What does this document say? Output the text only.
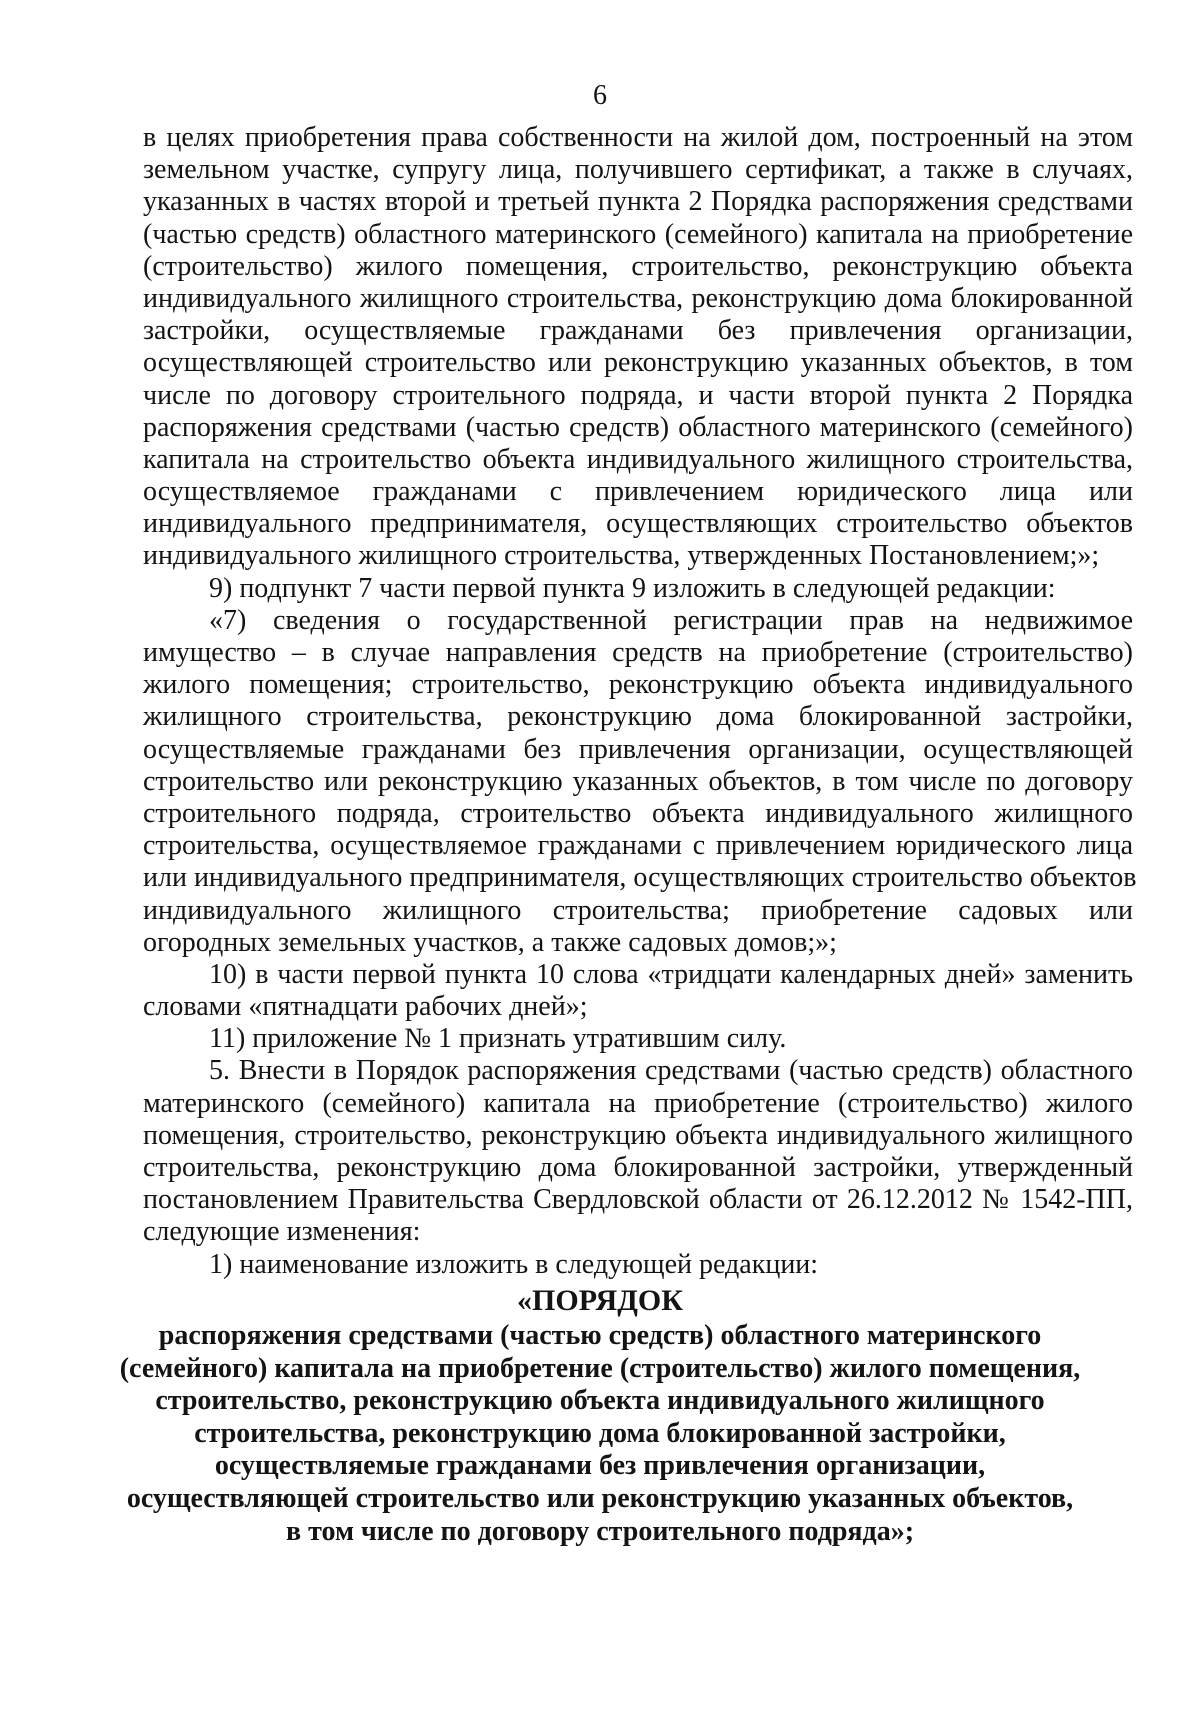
6
в целях приобретения права собственности на жилой дом, построенный на этом
земельном участке, супругу лица, получившего сертификат, а также в случаях,
указанных в частях второй и третьей пункта 2 Порядка распоряжения средствами
(частью средств) областного материнского (семейного) капитала на приобретение
(строительство) жилого помещения, строительство, реконструкцию объекта
индивидуального жилищного строительства, реконструкцию дома блокированной
застройки, осуществляемые гражданами без привлечения организации,
осуществляющей строительство или реконструкцию указанных объектов, в том
числе по договору строительного подряда, и части второй пункта 2 Порядка
распоряжения средствами (частью средств) областного материнского (семейного)
капитала на строительство объекта индивидуального жилищного строительства,
осуществляемое гражданами с привлечением юридического лица или
индивидуального предпринимателя, осуществляющих строительство объектов
индивидуального жилищного строительства, утвержденных Постановлением;»;
9) подпункт 7 части первой пункта 9 изложить в следующей редакции:
«7) сведения о государственной регистрации прав на недвижимое
имущество – в случае направления средств на приобретение (строительство)
жилого помещения; строительство, реконструкцию объекта индивидуального
жилищного строительства, реконструкцию дома блокированной застройки,
осуществляемые гражданами без привлечения организации, осуществляющей
строительство или реконструкцию указанных объектов, в том числе по договору
строительного подряда, строительство объекта индивидуального жилищного
строительства, осуществляемое гражданами с привлечением юридического лица
или индивидуального предпринимателя, осуществляющих строительство объектов
индивидуального жилищного строительства; приобретение садовых или
огородных земельных участков, а также садовых домов;»;
10) в части первой пункта 10 слова «тридцати календарных дней» заменить
словами «пятнадцати рабочих дней»;
11) приложение № 1 признать утратившим силу.
5. Внести в Порядок распоряжения средствами (частью средств) областного
материнского (семейного) капитала на приобретение (строительство) жилого
помещения, строительство, реконструкцию объекта индивидуального жилищного
строительства, реконструкцию дома блокированной застройки, утвержденный
постановлением Правительства Свердловской области от 26.12.2012 № 1542-ПП,
следующие изменения:
1) наименование изложить в следующей редакции:
«ПОРЯДОК
распоряжения средствами (частью средств) областного материнского
(семейного) капитала на приобретение (строительство) жилого помещения,
строительство, реконструкцию объекта индивидуального жилищного
строительства, реконструкцию дома блокированной застройки,
осуществляемые гражданами без привлечения организации,
осуществляющей строительство или реконструкцию указанных объектов,
в том числе по договору строительного подряда»;
